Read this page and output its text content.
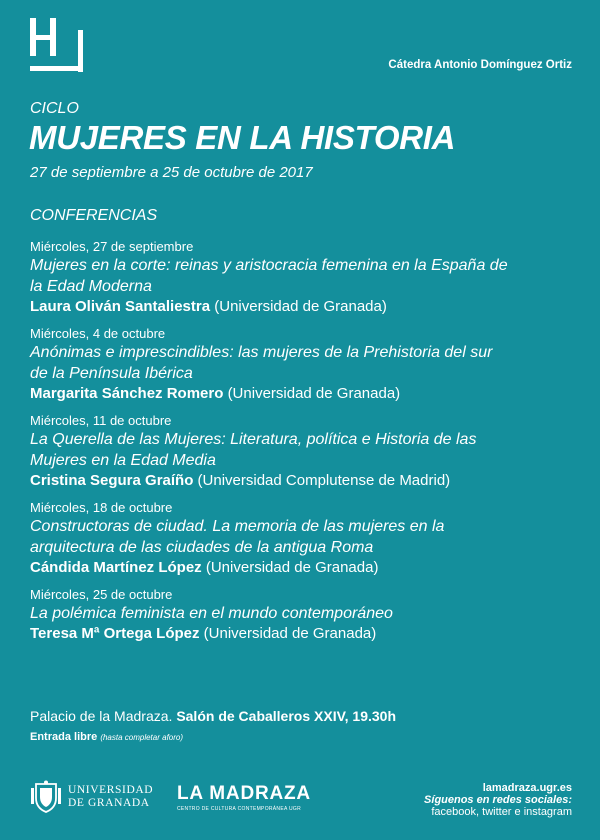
Cátedra Antonio Domínguez Ortiz
CICLO
MUJERES EN LA HISTORIA
27 de septiembre a 25 de octubre de 2017
CONFERENCIAS
Miércoles, 27 de septiembre
Mujeres en la corte: reinas y aristocracia femenina en la España de
la Edad Moderna
Laura Oliván Santaliestra (Universidad de Granada)
Miércoles, 4 de octubre
Anónimas e imprescindibles: las mujeres de la Prehistoria del sur
de la Península Ibérica
Margarita Sánchez Romero (Universidad de Granada)
Miércoles, 11 de octubre
La Querella de las Mujeres: Literatura, política e Historia de las
Mujeres en la Edad Media
Cristina Segura Graíño (Universidad Complutense de Madrid)
Miércoles, 18 de octubre
Constructoras de ciudad. La memoria de las mujeres en la
arquitectura de las ciudades de la antigua Roma
Cándida Martínez López (Universidad de Granada)
Miércoles, 25 de octubre
La polémica feminista en el mundo contemporáneo
Teresa Mª Ortega López (Universidad de Granada)
Palacio de la Madraza. Salón de Caballeros XXIV, 19.30h
Entrada libre (hasta completar aforo)
UNIVERSIDAD
DE GRANADA LA MADRAZA
CENTRO DE CULTURA CONTEMPORÁNEA UGR
lamadraza.ugr.es
Síguenos en redes sociales:
facebook, twitter e instagram
